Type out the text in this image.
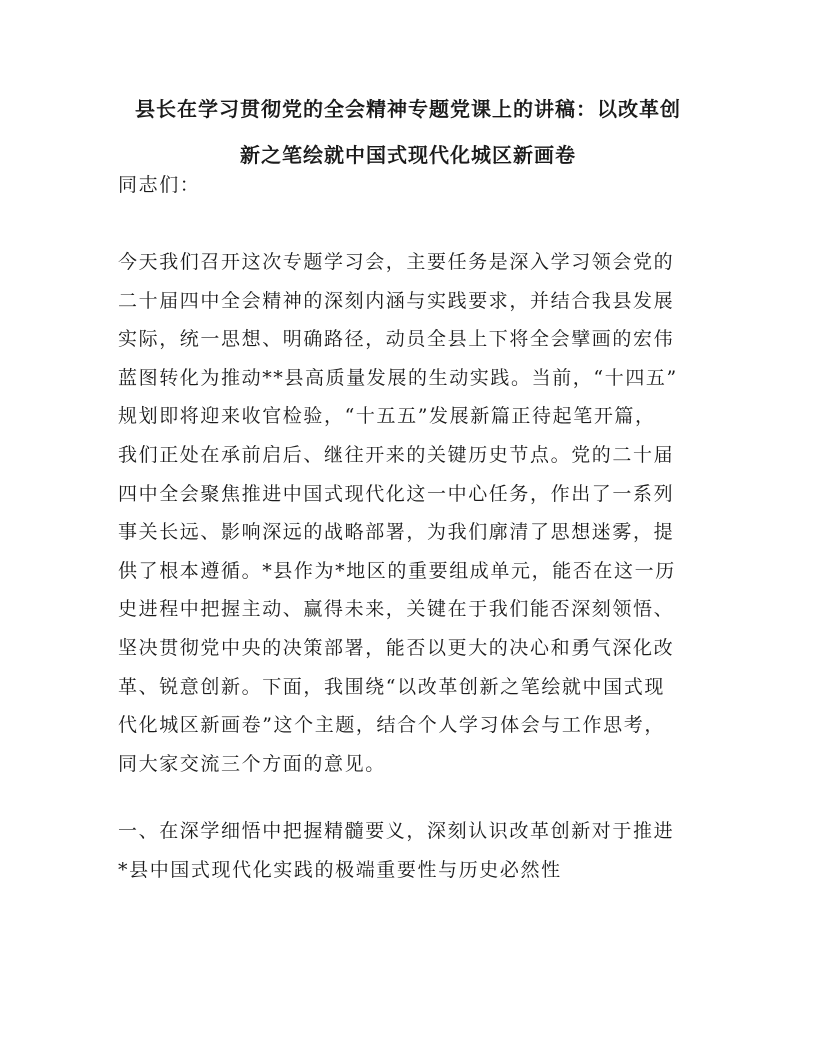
县长在学习贯彻党的全会精神专题党课上的讲稿：以改革创
新之笔绘就中国式现代化城区新画卷

同志们：

今天我们召开这次专题学习会，主要任务是深入学习领会党的
二十届四中全会精神的深刻内涵与实践要求，并结合我县发展
实际，统一思想、明确路径，动员全县上下将全会擘画的宏伟
蓝图转化为推动**县高质量发展的生动实践。当前，“十四五”
规划即将迎来收官检验，“十五五”发展新篇正待起笔开篇，
我们正处在承前启后、继往开来的关键历史节点。党的二十届
四中全会聚焦推进中国式现代化这一中心任务，作出了一系列
事关长远、影响深远的战略部署，为我们廓清了思想迷雾，提
供了根本遵循。*县作为*地区的重要组成单元，能否在这一历
史进程中把握主动、赢得未来，关键在于我们能否深刻领悟、
坚决贯彻党中央的决策部署，能否以更大的决心和勇气深化改
革、锐意创新。下面，我围绕“以改革创新之笔绘就中国式现
代化城区新画卷”这个主题，结合个人学习体会与工作思考，
同大家交流三个方面的意见。
一、在深学细悟中把握精髓要义，深刻认识改革创新对于推进
*县中国式现代化实践的极端重要性与历史必然性
